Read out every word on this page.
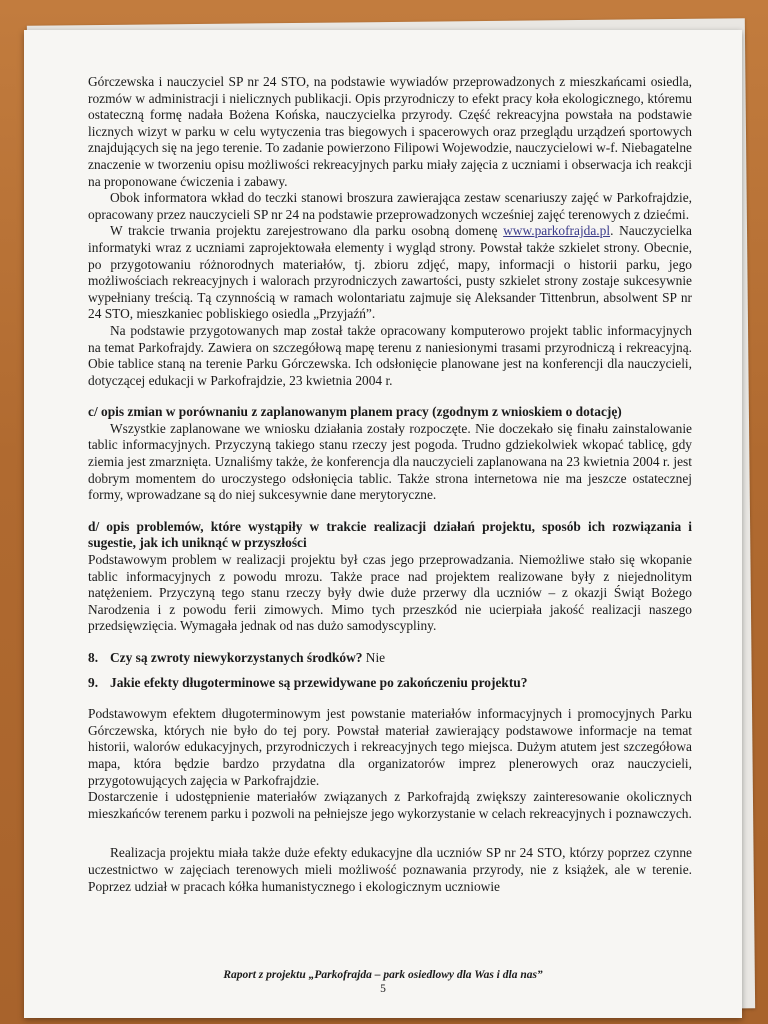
Górczewska i nauczyciel SP nr 24 STO, na podstawie wywiadów przeprowadzonych z mieszkańcami osiedla, rozmów w administracji i nielicznych publikacji. Opis przyrodniczy to efekt pracy koła ekologicznego, któremu ostateczną formę nadała Bożena Końska, nauczycielka przyrody. Część rekreacyjna powstała na podstawie licznych wizyt w parku w celu wytyczenia tras biegowych i spacerowych oraz przeglądu urządzeń sportowych znajdujących się na jego terenie. To zadanie powierzono Filipowi Wojewodzie, nauczycielowi w-f. Niebagatelne znaczenie w tworzeniu opisu możliwości rekreacyjnych parku miały zajęcia z uczniami i obserwacja ich reakcji na proponowane ćwiczenia i zabawy.

Obok informatora wkład do teczki stanowi broszura zawierająca zestaw scenariuszy zajęć w Parkofrajdzie, opracowany przez nauczycieli SP nr 24 na podstawie przeprowadzonych wcześniej zajęć terenowych z dziećmi.

W trakcie trwania projektu zarejestrowano dla parku osobną domenę www.parkofrajda.pl. Nauczycielka informatyki wraz z uczniami zaprojektowała elementy i wygląd strony. Powstał także szkielet strony. Obecnie, po przygotowaniu różnorodnych materiałów, tj. zbioru zdjęć, mapy, informacji o historii parku, jego możliwościach rekreacyjnych i walorach przyrodniczych zawartości, pusty szkielet strony zostaje sukcesywnie wypełniany treścią. Tą czynnością w ramach wolontariatu zajmuje się Aleksander Tittenbrun, absolwent SP nr 24 STO, mieszkaniec pobliskiego osiedla „Przyjaźń”.

Na podstawie przygotowanych map został także opracowany komputerowo projekt tablic informacyjnych na temat Parkofrajdy. Zawiera on szczegółową mapę terenu z naniesionymi trasami przyrodniczą i rekreacyjną. Obie tablice staną na terenie Parku Górczewska. Ich odsłonięcie planowane jest na konferencji dla nauczycieli, dotyczącej edukacji w Parkofrajdzie, 23 kwietnia 2004 r.

c/ opis zmian w porównaniu z zaplanowanym planem pracy (zgodnym z wnioskiem o dotację)

Wszystkie zaplanowane we wniosku działania zostały rozpoczęte. Nie doczekało się finału zainstalowanie tablic informacyjnych. Przyczyną takiego stanu rzeczy jest pogoda. Trudno gdziekolwiek wkopać tablicę, gdy ziemia jest zmarznięta. Uznaliśmy także, że konferencja dla nauczycieli zaplanowana na 23 kwietnia 2004 r. jest dobrym momentem do uroczystego odsłonięcia tablic. Także strona internetowa nie ma jeszcze ostatecznej formy, wprowadzane są do niej sukcesywnie dane merytoryczne.

d/ opis problemów, które wystąpiły w trakcie realizacji działań projektu, sposób ich rozwiązania i sugestie, jak ich uniknąć w przyszłości

Podstawowym problem w realizacji projektu był czas jego przeprowadzania. Niemożliwe stało się wkopanie tablic informacyjnych z powodu mrozu. Także prace nad projektem realizowane były z niejednolitym natężeniem. Przyczyną tego stanu rzeczy były dwie duże przerwy dla uczniów – z okazji Świąt Bożego Narodzenia i z powodu ferii zimowych. Mimo tych przeszkód nie ucierpiała jakość realizacji naszego przedsięwzięcia. Wymagała jednak od nas dużo samodyscypliny.

8. Czy są zwroty niewykorzystanych środków? Nie

9. Jakie efekty długoterminowe są przewidywane po zakończeniu projektu?

Podstawowym efektem długoterminowym jest powstanie materiałów informacyjnych i promocyjnych Parku Górczewska, których nie było do tej pory. Powstał materiał zawierający podstawowe informacje na temat historii, walorów edukacyjnych, przyrodniczych i rekreacyjnych tego miejsca. Dużym atutem jest szczegółowa mapa, która będzie bardzo przydatna dla organizatorów imprez plenerowych oraz nauczycieli, przygotowujących zajęcia w Parkofrajdzie.

Dostarczenie i udostępnienie materiałów związanych z Parkofrajdą zwiększy zainteresowanie okolicznych mieszkańców terenem parku i pozwoli na pełniejsze jego wykorzystanie w celach rekreacyjnych i poznawczych.

Realizacja projektu miała także duże efekty edukacyjne dla uczniów SP nr 24 STO, którzy poprzez czynne uczestnictwo w zajęciach terenowych mieli możliwość poznawania przyrody, nie z książek, ale w terenie. Poprzez udział w pracach kółka humanistycznego i ekologicznym uczniowie

Raport z projektu „Parkofrajda – park osiedlowy dla Was i dla nas”
5
